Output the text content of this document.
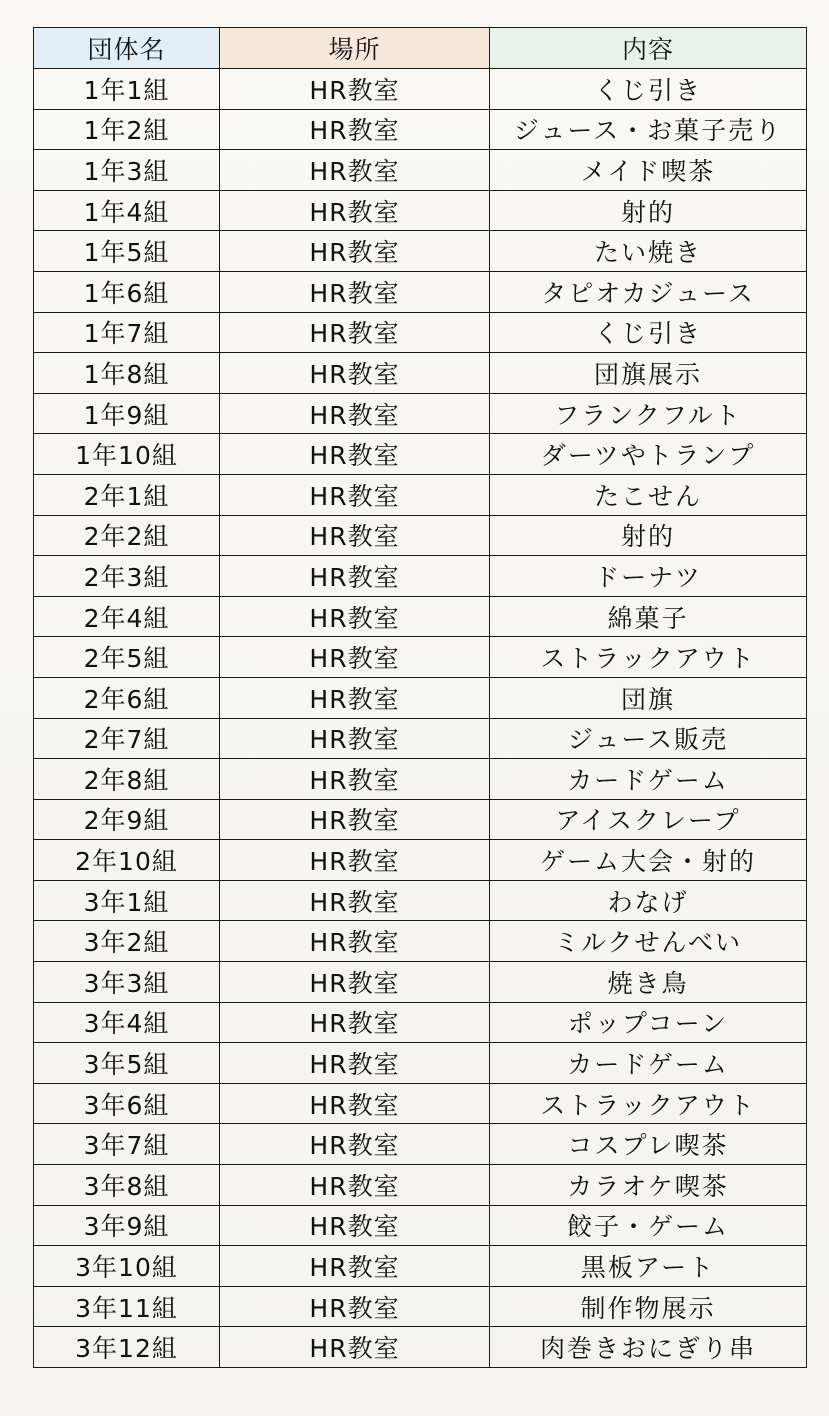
団体名	場所	内容
1年1組	HR教室	くじ引き
1年2組	HR教室	ジュース・お菓子売り
1年3組	HR教室	メイド喫茶
1年4組	HR教室	射的
1年5組	HR教室	たい焼き
1年6組	HR教室	タピオカジュース
1年7組	HR教室	くじ引き
1年8組	HR教室	団旗展示
1年9組	HR教室	フランクフルト
1年10組	HR教室	ダーツやトランプ
2年1組	HR教室	たこせん
2年2組	HR教室	射的
2年3組	HR教室	ドーナツ
2年4組	HR教室	綿菓子
2年5組	HR教室	ストラックアウト
2年6組	HR教室	団旗
2年7組	HR教室	ジュース販売
2年8組	HR教室	カードゲーム
2年9組	HR教室	アイスクレープ
2年10組	HR教室	ゲーム大会・射的
3年1組	HR教室	わなげ
3年2組	HR教室	ミルクせんべい
3年3組	HR教室	焼き鳥
3年4組	HR教室	ポップコーン
3年5組	HR教室	カードゲーム
3年6組	HR教室	ストラックアウト
3年7組	HR教室	コスプレ喫茶
3年8組	HR教室	カラオケ喫茶
3年9組	HR教室	餃子・ゲーム
3年10組	HR教室	黒板アート
3年11組	HR教室	制作物展示
3年12組	HR教室	肉巻きおにぎり串
